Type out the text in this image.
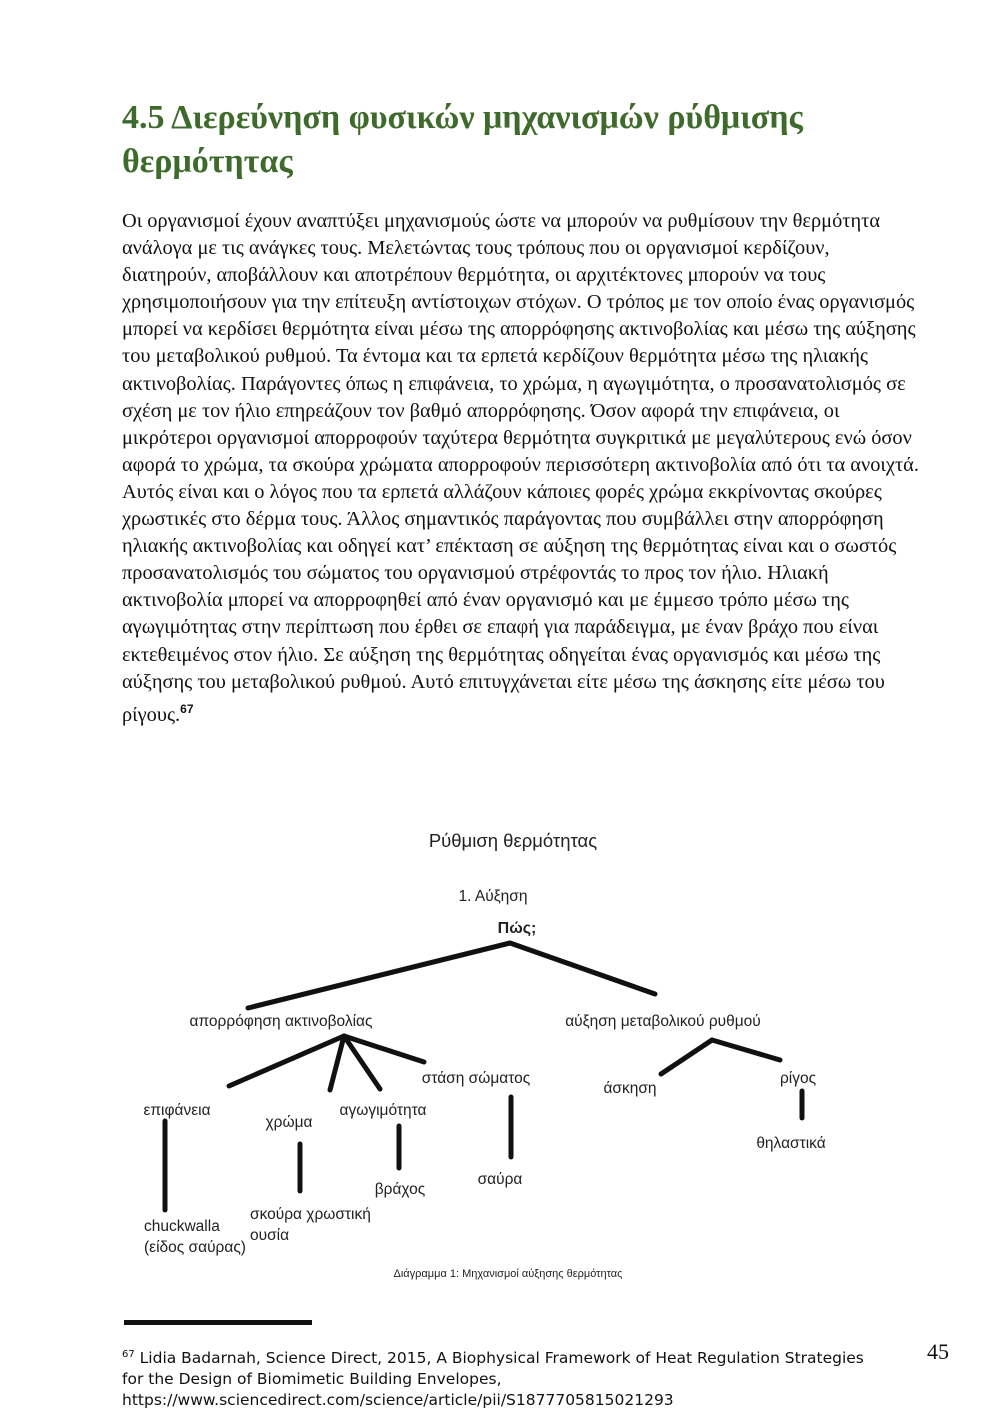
4.5 Διερεύνηση φυσικών μηχανισμών ρύθμισης θερμότητας

Οι οργανισμοί έχουν αναπτύξει μηχανισμούς ώστε να μπορούν να ρυθμίσουν την θερμότητα ανάλογα με τις ανάγκες τους. Μελετώντας τους τρόπους που οι οργανισμοί κερδίζουν, διατηρούν, αποβάλλουν και αποτρέπουν θερμότητα, οι αρχιτέκτονες μπορούν να τους χρησιμοποιήσουν για την επίτευξη αντίστοιχων στόχων. Ο τρόπος με τον οποίο ένας οργανισμός μπορεί να κερδίσει θερμότητα είναι μέσω της απορρόφησης ακτινοβολίας και μέσω της αύξησης του μεταβολικού ρυθμού. Τα έντομα και τα ερπετά κερδίζουν θερμότητα μέσω της ηλιακής ακτινοβολίας. Παράγοντες όπως η επιφάνεια, το χρώμα, η αγωγιμότητα, ο προσανατολισμός σε σχέση με τον ήλιο επηρεάζουν τον βαθμό απορρόφησης. Όσον αφορά την επιφάνεια, οι μικρότεροι οργανισμοί απορροφούν ταχύτερα θερμότητα συγκριτικά με μεγαλύτερους ενώ όσον αφορά το χρώμα, τα σκούρα χρώματα απορροφούν περισσότερη ακτινοβολία από ότι τα ανοιχτά. Αυτός είναι και ο λόγος που τα ερπετά αλλάζουν κάποιες φορές χρώμα εκκρίνοντας σκούρες χρωστικές στο δέρμα τους. Άλλος σημαντικός παράγοντας που συμβάλλει στην απορρόφηση ηλιακής ακτινοβολίας και οδηγεί κατ’ επέκταση σε αύξηση της θερμότητας είναι και ο σωστός προσανατολισμός του σώματος του οργανισμού στρέφοντάς το προς τον ήλιο. Ηλιακή ακτινοβολία μπορεί να απορροφηθεί από έναν οργανισμό και με έμμεσο τρόπο μέσω της αγωγιμότητας στην περίπτωση που έρθει σε επαφή για παράδειγμα, με έναν βράχο που είναι εκτεθειμένος στον ήλιο. Σε αύξηση της θερμότητας οδηγείται ένας οργανισμός και μέσω της αύξησης του μεταβολικού ρυθμού. Αυτό επιτυγχάνεται είτε μέσω της άσκησης είτε μέσω του ρίγους.$^{67}$

Ρύθμιση θερμότητας
1. Αύξηση
Πώς;
απορρόφηση ακτινοβολίας	αύξηση μεταβολικού ρυθμού
επιφάνεια
χρώμα
αγωγιμότητα
στάση σώματος
άσκηση
ρίγος
chuckwalla
(είδος σαύρας)
σκούρα χρωστική
ουσία
βράχος
σαύρα
θηλαστικά
Διάγραμμα 1: Μηχανισμοί αύξησης θερμότητας
$^{67}$ Lidia Badarnah, Science Direct, 2015, A Biophysical Framework of Heat Regulation Strategies for the Design of Biomimetic Building Envelopes, https://www.sciencedirect.com/science/article/pii/S1877705815021293
45
